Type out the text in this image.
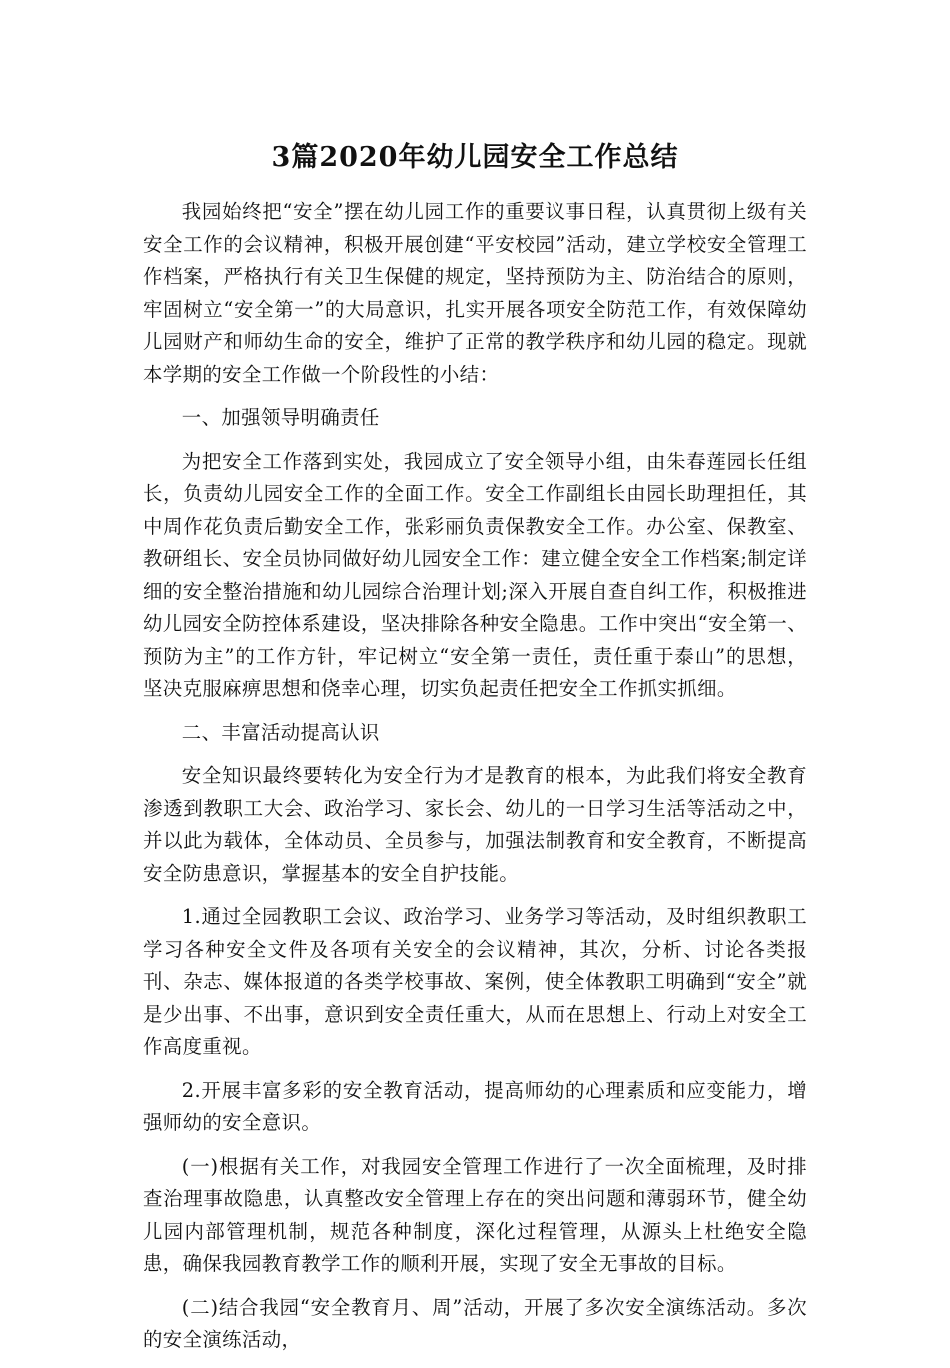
3篇2020年幼儿园安全工作总结

我园始终把“安全”摆在幼儿园工作的重要议事日程，认真贯彻上级有关安全工作的会议精神，积极开展创建“平安校园”活动，建立学校安全管理工作档案，严格执行有关卫生保健的规定，坚持预防为主、防治结合的原则，牢固树立“安全第一”的大局意识，扎实开展各项安全防范工作，有效保障幼儿园财产和师幼生命的安全，维护了正常的教学秩序和幼儿园的稳定。现就本学期的安全工作做一个阶段性的小结：

一、加强领导明确责任

为把安全工作落到实处，我园成立了安全领导小组，由朱春莲园长任组长，负责幼儿园安全工作的全面工作。安全工作副组长由园长助理担任，其中周作花负责后勤安全工作，张彩丽负责保教安全工作。办公室、保教室、教研组长、安全员协同做好幼儿园安全工作：建立健全安全工作档案;制定详细的安全整治措施和幼儿园综合治理计划;深入开展自查自纠工作，积极推进幼儿园安全防控体系建设，坚决排除各种安全隐患。工作中突出“安全第一、预防为主”的工作方针，牢记树立“安全第一责任，责任重于泰山”的思想，坚决克服麻痹思想和侥幸心理，切实负起责任把安全工作抓实抓细。

二、丰富活动提高认识

安全知识最终要转化为安全行为才是教育的根本，为此我们将安全教育渗透到教职工大会、政治学习、家长会、幼儿的一日学习生活等活动之中，并以此为载体，全体动员、全员参与，加强法制教育和安全教育，不断提高安全防患意识，掌握基本的安全自护技能。

1.通过全园教职工会议、政治学习、业务学习等活动，及时组织教职工学习各种安全文件及各项有关安全的会议精神，其次，分析、讨论各类报刊、杂志、媒体报道的各类学校事故、案例，使全体教职工明确到“安全”就是少出事、不出事，意识到安全责任重大，从而在思想上、行动上对安全工作高度重视。

2.开展丰富多彩的安全教育活动，提高师幼的心理素质和应变能力，增强师幼的安全意识。

(一)根据有关工作，对我园安全管理工作进行了一次全面梳理，及时排查治理事故隐患，认真整改安全管理上存在的突出问题和薄弱环节，健全幼儿园内部管理机制，规范各种制度，深化过程管理，从源头上杜绝安全隐患，确保我园教育教学工作的顺利开展，实现了安全无事故的目标。

(二)结合我园“安全教育月、周”活动，开展了多次安全演练活动。多次的安全演练活动，
